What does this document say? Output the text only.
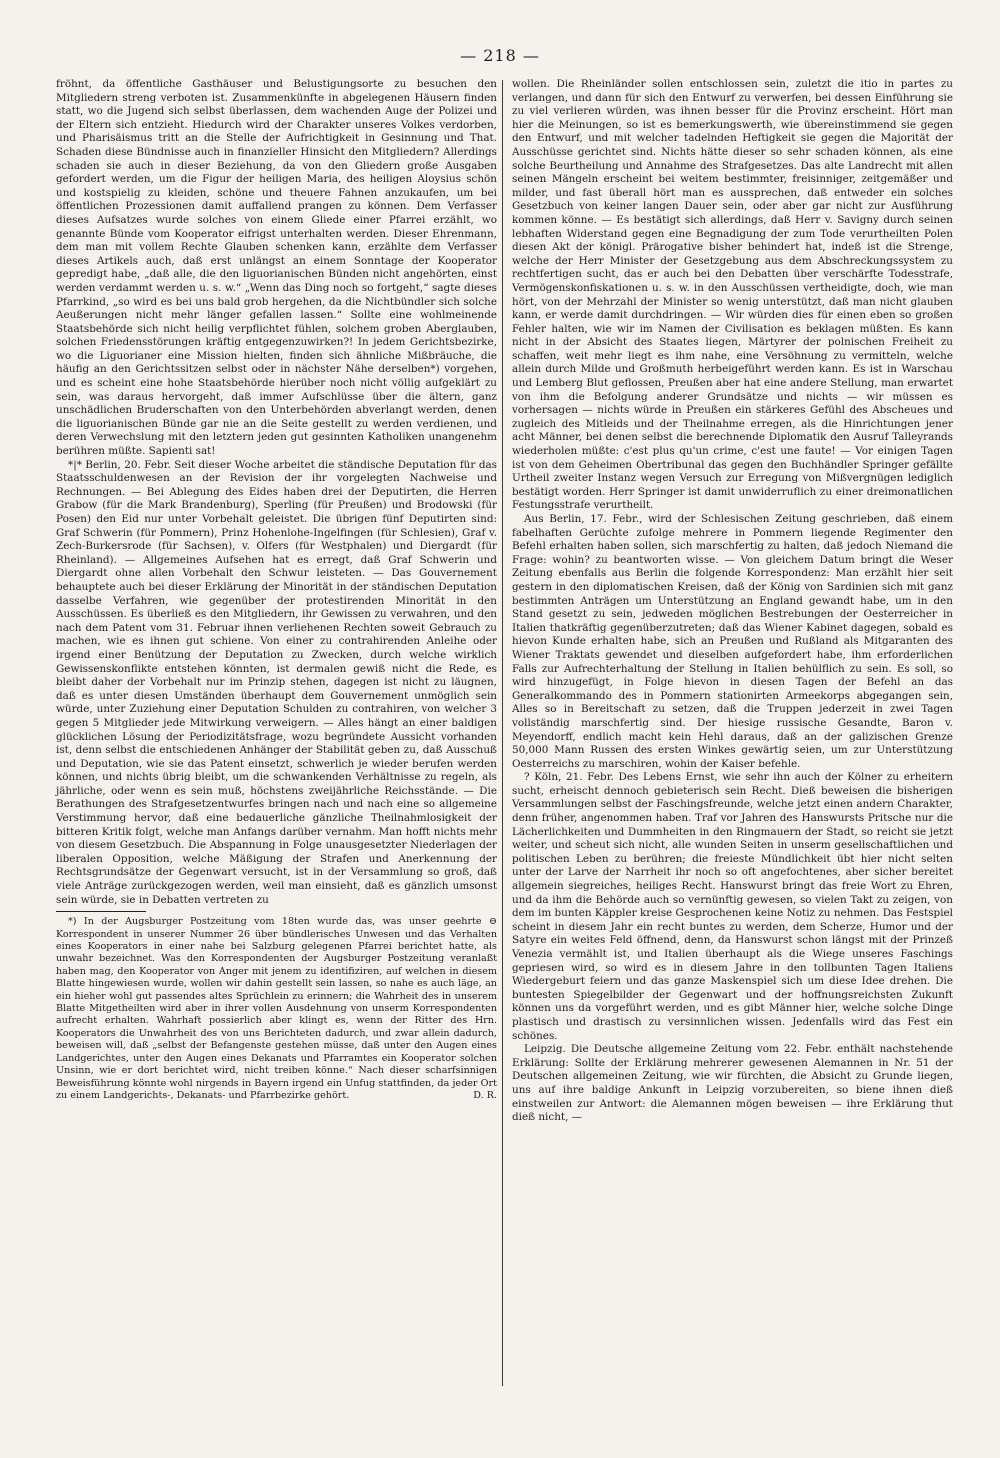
— 218 —

fröhnt, da öffentliche Gasthäuser und Belustigungsorte zu besuchen den Mitgliedern streng verboten ist. Zusammenkünfte in abgelegenen Häusern finden statt, wo die Jugend sich selbst überlassen, dem wachenden Auge der Polizei und der Eltern sich entzieht. Hiedurch wird der Charakter unseres Volkes verdorben, und Pharisäismus tritt an die Stelle der Aufrichtigkeit in Gesinnung und That. Schaden diese Bündnisse auch in finanzieller Hinsicht den Mitgliedern? Allerdings schaden sie auch in dieser Beziehung, da von den Gliedern große Ausgaben gefordert werden, um die Figur der heiligen Maria, des heiligen Aloysius schön und kostspielig zu kleiden, schöne und theuere Fahnen anzukaufen, um bei öffentlichen Prozessionen damit auffallend prangen zu können. Dem Verfasser dieses Aufsatzes wurde solches von einem Gliede einer Pfarrei erzählt, wo genannte Bünde vom Kooperator eifrigst unterhalten werden. Dieser Ehrenmann, dem man mit vollem Rechte Glauben schenken kann, erzählte dem Verfasser dieses Artikels auch, daß erst unlängst an einem Sonntage der Kooperator gepredigt habe, „daß alle, die den liguorianischen Bünden nicht angehörten, einst werden verdammt werden u. s. w.“ „Wenn das Ding noch so fortgeht,“ sagte dieses Pfarrkind, „so wird es bei uns bald grob hergehen, da die Nichtbündler sich solche Aeußerungen nicht mehr länger gefallen lassen.“ Sollte eine wohlmeinende Staatsbehörde sich nicht heilig verpflichtet fühlen, solchem groben Aberglauben, solchen Friedensstörungen kräftig entgegenzuwirken?! In jedem Gerichtsbezirke, wo die Liguorianer eine Mission hielten, finden sich ähnliche Mißbräuche, die häufig an den Gerichtssitzen selbst oder in nächster Nähe derselben*) vorgehen, und es scheint eine hohe Staatsbehörde hierüber noch nicht völlig aufgeklärt zu sein, was daraus hervorgeht, daß immer Aufschlüsse über die ältern, ganz unschädlichen Bruderschaften von den Unterbehörden abverlangt werden, denen die liguorianischen Bünde gar nie an die Seite gestellt zu werden verdienen, und deren Verwechslung mit den letztern jeden gut gesinnten Katholiken unangenehm berühren müßte. Sapienti sat!

*|* Berlin, 20. Febr. Seit dieser Woche arbeitet die ständische Deputation für das Staatsschuldenwesen an der Revision der ihr vorgelegten Nachweise und Rechnungen. — Bei Ablegung des Eides haben drei der Deputirten, die Herren Grabow (für die Mark Brandenburg), Sperling (für Preußen) und Brodowski (für Posen) den Eid nur unter Vorbehalt geleistet. Die übrigen fünf Deputirten sind: Graf Schwerin (für Pommern), Prinz Hohenlohe-Ingelfingen (für Schlesien), Graf v. Zech-Burkersrode (für Sachsen), v. Olfers (für Westphalen) und Diergardt (für Rheinland). — Allgemeines Aufsehen hat es erregt, daß Graf Schwerin und Diergardt ohne allen Vorbehalt den Schwur leisteten. — Das Gouvernement behauptete auch bei dieser Erklärung der Minorität in der ständischen Deputation dasselbe Verfahren, wie gegenüber der protestirenden Minorität in den Ausschüssen. Es überließ es den Mitgliedern, ihr Gewissen zu verwahren, und den nach dem Patent vom 31. Februar ihnen verliehenen Rechten soweit Gebrauch zu machen, wie es ihnen gut schiene. Von einer zu contrahirenden Anleihe oder irgend einer Benützung der Deputation zu Zwecken, durch welche wirklich Gewissenskonflikte entstehen könnten, ist dermalen gewiß nicht die Rede, es bleibt daher der Vorbehalt nur im Prinzip stehen, dagegen ist nicht zu läugnen, daß es unter diesen Umständen überhaupt dem Gouvernement unmöglich sein würde, unter Zuziehung einer Deputation Schulden zu contrahiren, von welcher 3 gegen 5 Mitglieder jede Mitwirkung verweigern. — Alles hängt an einer baldigen glücklichen Lösung der Periodizitätsfrage, wozu begründete Aussicht vorhanden ist, denn selbst die entschiedenen Anhänger der Stabilität geben zu, daß Ausschuß und Deputation, wie sie das Patent einsetzt, schwerlich je wieder berufen werden können, und nichts übrig bleibt, um die schwankenden Verhältnisse zu regeln, als jährliche, oder wenn es sein muß, höchstens zweijährliche Reichsstände. — Die Berathungen des Strafgesetzentwurfes bringen nach und nach eine so allgemeine Verstimmung hervor, daß eine bedauerliche gänzliche Theilnahmlosigkeit der bitteren Kritik folgt, welche man Anfangs darüber vernahm. Man hofft nichts mehr von diesem Gesetzbuch. Die Abspannung in Folge unausgesetzter Niederlagen der liberalen Opposition, welche Mäßigung der Strafen und Anerkennung der Rechtsgrundsätze der Gegenwart versucht, ist in der Versammlung so groß, daß viele Anträge zurückgezogen werden, weil man einsieht, daß es gänzlich umsonst sein würde, sie in Debatten vertreten zu

*) In der Augsburger Postzeitung vom 18ten wurde das, was unser geehrte ⊖ Korrespondent in unserer Nummer 26 über bündlerisches Unwesen und das Verhalten eines Kooperators in einer nahe bei Salzburg gelegenen Pfarrei berichtet hatte, als unwahr bezeichnet. Was den Korrespondenten der Augsburger Postzeitung veranlaßt haben mag, den Kooperator von Anger mit jenem zu identifiziren, auf welchen in diesem Blatte hingewiesen wurde, wollen wir dahin gestellt sein lassen, so nahe es auch läge, an ein hieher wohl gut passendes altes Sprüchlein zu erinnern; die Wahrheit des in unserem Blatte Mitgetheilten wird aber in ihrer vollen Ausdehnung von unserm Korrespondenten aufrecht erhalten. Wahrhaft possierlich aber klingt es, wenn der Ritter des Hrn. Kooperators die Unwahrheit des von uns Berichteten dadurch, und zwar allein dadurch, beweisen will, daß „selbst der Befangenste gestehen müsse, daß unter den Augen eines Landgerichtes, unter den Augen eines Dekanats und Pfarramtes ein Kooperator solchen Unsinn, wie er dort berichtet wird, nicht treiben könne.“ Nach dieser scharfsinnigen Beweisführung könnte wohl nirgends in Bayern irgend ein Unfug stattfinden, da jeder Ort zu einem Landgerichts-, Dekanats- und Pfarrbezirke gehört.	D. R.

wollen. Die Rheinländer sollen entschlossen sein, zuletzt die itio in partes zu verlangen, und dann für sich den Entwurf zu verwerfen, bei dessen Einführung sie zu viel verlieren würden, was ihnen besser für die Provinz erscheint. Hört man hier die Meinungen, so ist es bemerkungswerth, wie übereinstimmend sie gegen den Entwurf, und mit welcher tadelnden Heftigkeit sie gegen die Majorität der Ausschüsse gerichtet sind. Nichts hätte dieser so sehr schaden können, als eine solche Beurtheilung und Annahme des Strafgesetzes. Das alte Landrecht mit allen seinen Mängeln erscheint bei weitem bestimmter, freisinniger, zeitgemäßer und milder, und fast überall hört man es aussprechen, daß entweder ein solches Gesetzbuch von keiner langen Dauer sein, oder aber gar nicht zur Ausführung kommen könne. — Es bestätigt sich allerdings, daß Herr v. Savigny durch seinen lebhaften Widerstand gegen eine Begnadigung der zum Tode verurtheilten Polen diesen Akt der königl. Prärogative bisher behindert hat, indeß ist die Strenge, welche der Herr Minister der Gesetzgebung aus dem Abschreckungssystem zu rechtfertigen sucht, das er auch bei den Debatten über verschärfte Todesstrafe, Vermögenskonfiskationen u. s. w. in den Ausschüssen vertheidigte, doch, wie man hört, von der Mehrzahl der Minister so wenig unterstützt, daß man nicht glauben kann, er werde damit durchdringen. — Wir würden dies für einen eben so großen Fehler halten, wie wir im Namen der Civilisation es beklagen müßten. Es kann nicht in der Absicht des Staates liegen, Märtyrer der polnischen Freiheit zu schaffen, weit mehr liegt es ihm nahe, eine Versöhnung zu vermitteln, welche allein durch Milde und Großmuth herbeigeführt werden kann. Es ist in Warschau und Lemberg Blut geflossen, Preußen aber hat eine andere Stellung, man erwartet von ihm die Befolgung anderer Grundsätze und nichts — wir müssen es vorhersagen — nichts würde in Preußen ein stärkeres Gefühl des Abscheues und zugleich des Mitleids und der Theilnahme erregen, als die Hinrichtungen jener acht Männer, bei denen selbst die berechnende Diplomatik den Ausruf Talleyrands wiederholen müßte: c'est plus qu'un crime, c'est une faute! — Vor einigen Tagen ist von dem Geheimen Obertribunal das gegen den Buchhändler Springer gefällte Urtheil zweiter Instanz wegen Versuch zur Erregung von Mißvergnügen lediglich bestätigt worden. Herr Springer ist damit unwiderruflich zu einer dreimonatlichen Festungsstrafe verurtheilt.

Aus Berlin, 17. Febr., wird der Schlesischen Zeitung geschrieben, daß einem fabelhaften Gerüchte zufolge mehrere in Pommern liegende Regimenter den Befehl erhalten haben sollen, sich marschfertig zu halten, daß jedoch Niemand die Frage: wohin? zu beantworten wisse. — Von gleichem Datum bringt die Weser Zeitung ebenfalls aus Berlin die folgende Korrespondenz: Man erzählt hier seit gestern in den diplomatischen Kreisen, daß der König von Sardinien sich mit ganz bestimmten Anträgen um Unterstützung an England gewandt habe, um in den Stand gesetzt zu sein, jedweden möglichen Bestrebungen der Oesterreicher in Italien thatkräftig gegenüberzutreten; daß das Wiener Kabinet dagegen, sobald es hievon Kunde erhalten habe, sich an Preußen und Rußland als Mitgaranten des Wiener Traktats gewendet und dieselben aufgefordert habe, ihm erforderlichen Falls zur Aufrechterhaltung der Stellung in Italien behülflich zu sein. Es soll, so wird hinzugefügt, in Folge hievon in diesen Tagen der Befehl an das Generalkommando des in Pommern stationirten Armeekorps abgegangen sein, Alles so in Bereitschaft zu setzen, daß die Truppen jederzeit in zwei Tagen vollständig marschfertig sind. Der hiesige russische Gesandte, Baron v. Meyendorff, endlich macht kein Hehl daraus, daß an der galizischen Grenze 50,000 Mann Russen des ersten Winkes gewärtig seien, um zur Unterstützung Oesterreichs zu marschiren, wohin der Kaiser befehle.

? Köln, 21. Febr. Des Lebens Ernst, wie sehr ihn auch der Kölner zu erheitern sucht, erheischt dennoch gebieterisch sein Recht. Dieß beweisen die bisherigen Versammlungen selbst der Faschingsfreunde, welche jetzt einen andern Charakter, denn früher, angenommen haben. Traf vor Jahren des Hanswursts Pritsche nur die Lächerlichkeiten und Dummheiten in den Ringmauern der Stadt, so reicht sie jetzt weiter, und scheut sich nicht, alle wunden Seiten in unserm gesellschaftlichen und politischen Leben zu berühren; die freieste Mündlichkeit übt hier nicht selten unter der Larve der Narrheit ihr noch so oft angefochtenes, aber sicher bereitet allgemein siegreiches, heiliges Recht. Hanswurst bringt das freie Wort zu Ehren, und da ihm die Behörde auch so vernünftig gewesen, so vielen Takt zu zeigen, von dem im bunten Käppler kreise Gesprochenen keine Notiz zu nehmen. Das Festspiel scheint in diesem Jahr ein recht buntes zu werden, dem Scherze, Humor und der Satyre ein weites Feld öffnend, denn, da Hanswurst schon längst mit der Prinzeß Venezia vermählt ist, und Italien überhaupt als die Wiege unseres Faschings gepriesen wird, so wird es in diesem Jahre in den tollbunten Tagen Italiens Wiedergeburt feiern und das ganze Maskenspiel sich um diese Idee drehen. Die buntesten Spiegelbilder der Gegenwart und der hoffnungsreichsten Zukunft können uns da vorgeführt werden, und es gibt Männer hier, welche solche Dinge plastisch und drastisch zu versinnlichen wissen. Jedenfalls wird das Fest ein schönes.

Leipzig. Die Deutsche allgemeine Zeitung vom 22. Febr. enthält nachstehende Erklärung: Sollte der Erklärung mehrerer gewesenen Alemannen in Nr. 51 der Deutschen allgemeinen Zeitung, wie wir fürchten, die Absicht zu Grunde liegen, uns auf ihre baldige Ankunft in Leipzig vorzubereiten, so biene ihnen dieß einstweilen zur Antwort: die Alemannen mögen beweisen — ihre Erklärung thut dieß nicht, —
